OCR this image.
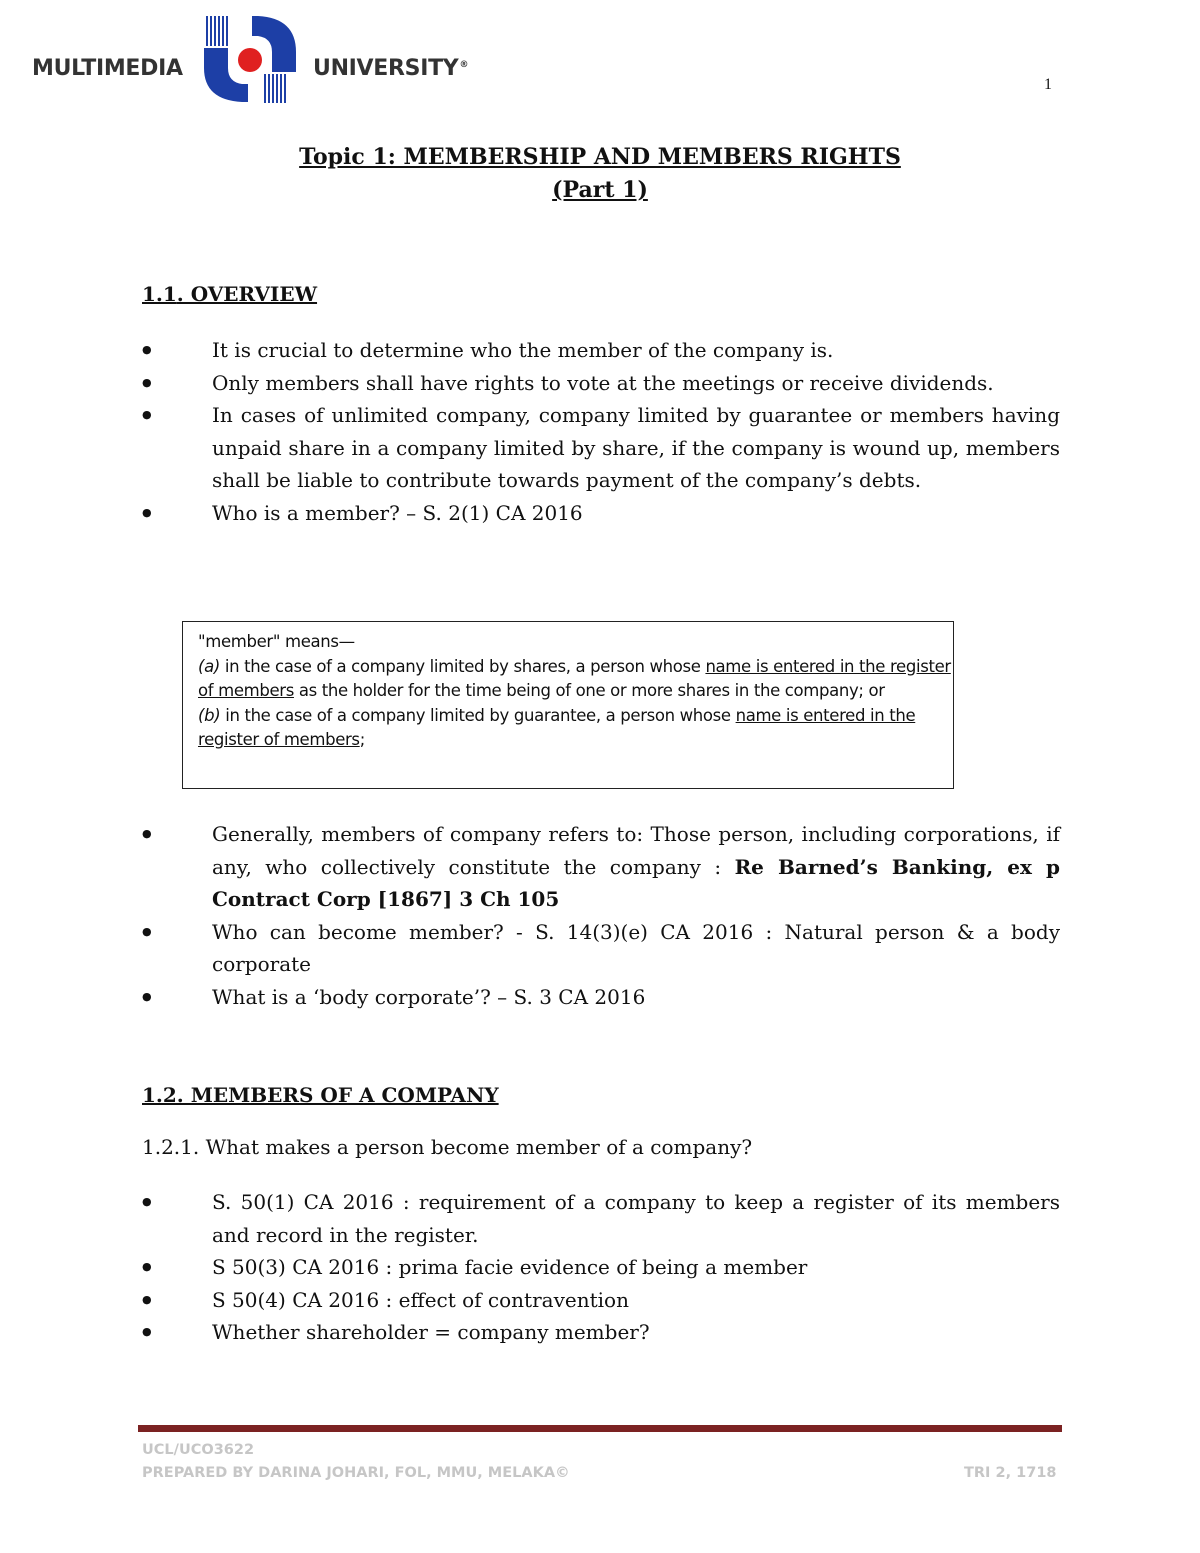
MULTIMEDIA	UNIVERSITY®
1
Topic 1: MEMBERSHIP AND MEMBERS RIGHTS
(Part 1)
1.1. OVERVIEW
● It is crucial to determine who the member of the company is.
● Only members shall have rights to vote at the meetings or receive dividends.
● In cases of unlimited company, company limited by guarantee or members having unpaid share in a company limited by share, if the company is wound up, members shall be liable to contribute towards payment of the company’s debts.
● Who is a member? – S. 2(1) CA 2016

"member" means—

(a) in the case of a company limited by shares, a person whose name is entered in the register of members as the holder for the time being of one or more shares in the company; or

(b) in the case of a company limited by guarantee, a person whose name is entered in the register of members;

● Generally, members of company refers to: Those person, including corporations, if any, who collectively constitute the company : Re Barned’s Banking, ex p Contract Corp [1867] 3 Ch 105
● Who can become member? - S. 14(3)(e) CA 2016 : Natural person & a body corporate
● What is a ‘body corporate’? – S. 3 CA 2016
1.2. MEMBERS OF A COMPANY

1.2.1. What makes a person become member of a company?

● S. 50(1) CA 2016 : requirement of a company to keep a register of its members and record in the register.
● S 50(3) CA 2016 : prima facie evidence of being a member
● S 50(4) CA 2016 : effect of contravention
● Whether shareholder = company member?

UCL/UCO3622

PREPARED BY DARINA JOHARI, FOL, MMU, MELAKA©	TRI 2, 1718
